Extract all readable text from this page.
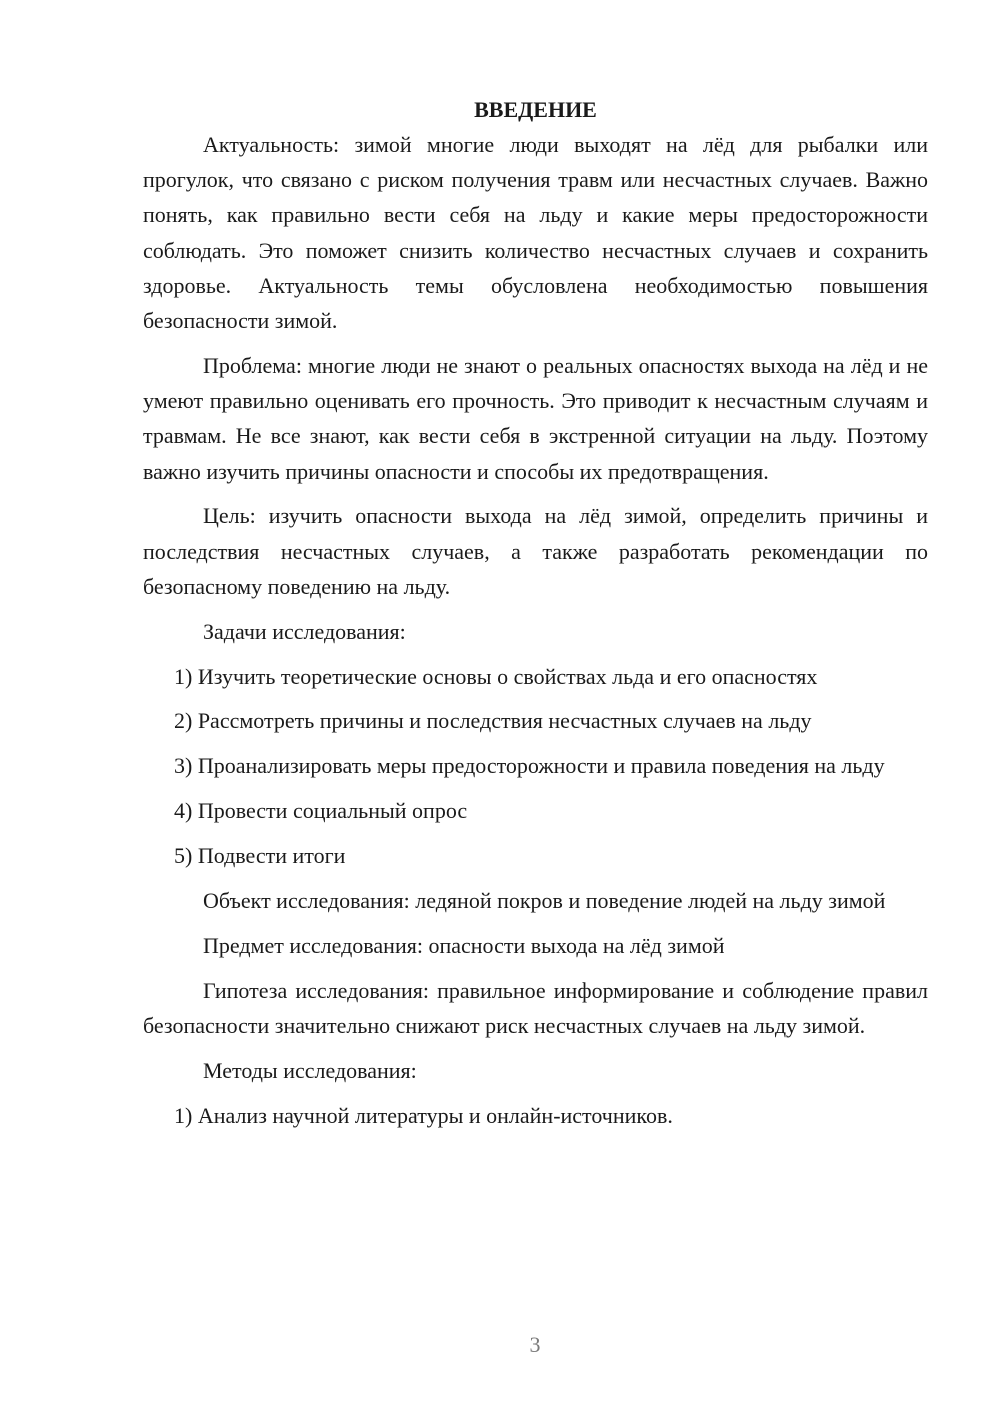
ВВЕДЕНИЕ

Актуальность: зимой многие люди выходят на лёд для рыбалки или прогулок, что связано с риском получения травм или несчастных случаев. Важно понять, как правильно вести себя на льду и какие меры предосторожности соблюдать. Это поможет снизить количество несчастных случаев и сохранить здоровье. Актуальность темы обусловлена необходимостью повышения безопасности зимой.

Проблема: многие люди не знают о реальных опасностях выхода на лёд и не умеют правильно оценивать его прочность. Это приводит к несчастным случаям и травмам. Не все знают, как вести себя в экстренной ситуации на льду. Поэтому важно изучить причины опасности и способы их предотвращения.

Цель: изучить опасности выхода на лёд зимой, определить причины и последствия несчастных случаев, а также разработать рекомендации по безопасному поведению на льду.

Задачи исследования:

1) Изучить теоретические основы о свойствах льда и его опасностях

2) Рассмотреть причины и последствия несчастных случаев на льду

3) Проанализировать меры предосторожности и правила поведения на льду

4) Провести социальный опрос

5) Подвести итоги

Объект исследования: ледяной покров и поведение людей на льду зимой

Предмет исследования: опасности выхода на лёд зимой

Гипотеза исследования: правильное информирование и соблюдение правил безопасности значительно снижают риск несчастных случаев на льду зимой.

Методы исследования:

1) Анализ научной литературы и онлайн-источников.

3
